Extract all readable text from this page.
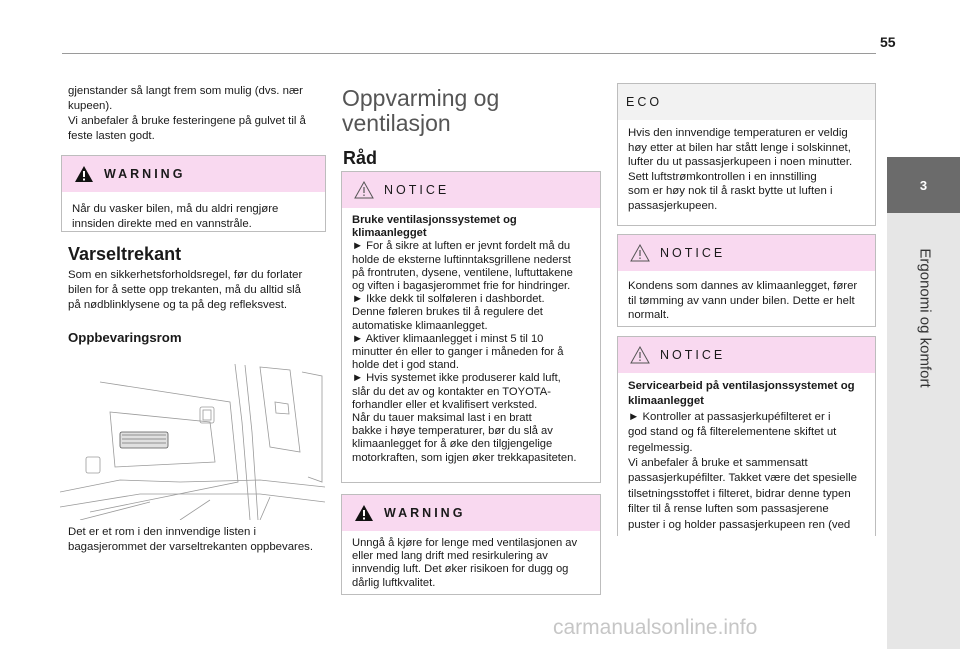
55
3
Ergonomi og komfort
gjenstander så langt frem som mulig (dvs. nær
kupeen).
Vi anbefaler å bruke festeringene på gulvet til å
feste lasten godt.
WARNING
Når du vasker bilen, må du aldri rengjøre
innsiden direkte med en vannstråle.
Varseltrekant
Som en sikkerhetsforholdsregel, før du forlater
bilen for å sette opp trekanten, må du alltid slå
på nødblinklysene og ta på deg refleksvest.
Oppbevaringsrom
Det er et rom i den innvendige listen i
bagasjerommet der varseltrekanten oppbevares.
Oppvarming og
ventilasjon
Råd
NOTICE
Bruke ventilasjonssystemet og
klimaanlegget
► For å sikre at luften er jevnt fordelt må du
holde de eksterne luftinntaksgrillene nederst
på frontruten, dysene, ventilene, luftuttakene
og viften i bagasjerommet frie for hindringer.
► Ikke dekk til solføleren i dashbordet.
Denne føleren brukes til å regulere det
automatiske klimaanlegget.
► Aktiver klimaanlegget i minst 5 til 10
minutter én eller to ganger i måneden for å
holde det i god stand.
► Hvis systemet ikke produserer kald luft,
slår du det av og kontakter en TOYOTA-
forhandler eller et kvalifisert verksted.
Når du tauer maksimal last i en bratt
bakke i høye temperaturer, bør du slå av
klimaanlegget for å øke den tilgjengelige
motorkraften, som igjen øker trekkapasiteten.
WARNING
Unngå å kjøre for lenge med ventilasjonen av
eller med lang drift med resirkulering av
innvendig luft. Det øker risikoen for dugg og
dårlig luftkvalitet.
ECO
Hvis den innvendige temperaturen er veldig
høy etter at bilen har stått lenge i solskinnet,
lufter du ut passasjerkupeen i noen minutter.
Sett luftstrømkontrollen i en innstilling
som er høy nok til å raskt bytte ut luften i
passasjerkupeen.
NOTICE
Kondens som dannes av klimaanlegget, fører
til tømming av vann under bilen. Dette er helt
normalt.
NOTICE
Servicearbeid på ventilasjonssystemet og
klimaanlegget
► Kontroller at passasjerkupéfilteret er i
god stand og få filterelementene skiftet ut
regelmessig.
Vi anbefaler å bruke et sammensatt
passasjerkupéfilter. Takket være det spesielle
tilsetningsstoffet i filteret, bidrar denne typen
filter til å rense luften som passasjerene
puster i og holder passasjerkupeen ren (ved
carmanualsonline.info
